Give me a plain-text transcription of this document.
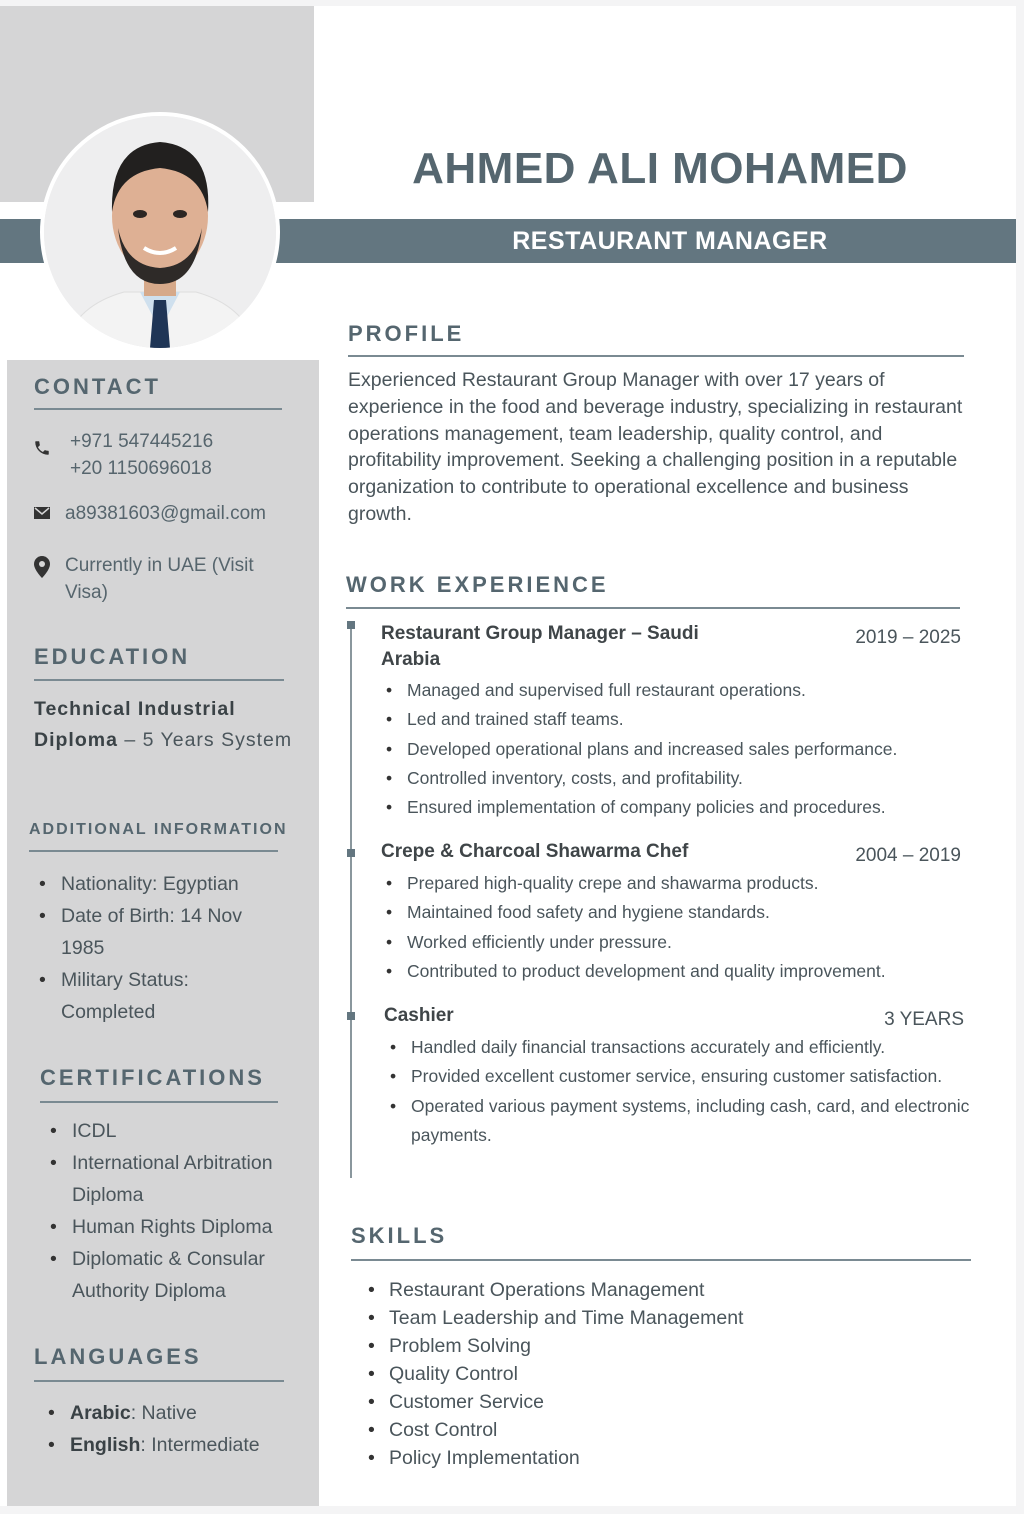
AHMED ALI MOHAMED
RESTAURANT MANAGER
CONTACT
+971 547445216
+20 1150696018
a89381603@gmail.com
Currently in UAE (Visit Visa)
EDUCATION
Technical Industrial Diploma – 5 Years System
ADDITIONAL INFORMATION
• Nationality: Egyptian
• Date of Birth: 14 Nov 1985
• Military Status: Completed
CERTIFICATIONS
• ICDL
• International Arbitration Diploma
• Human Rights Diploma
• Diplomatic & Consular Authority Diploma
LANGUAGES
• Arabic: Native
• English: Intermediate
PROFILE
Experienced Restaurant Group Manager with over 17 years of experience in the food and beverage industry, specializing in restaurant operations management, team leadership, quality control, and profitability improvement. Seeking a challenging position in a reputable organization to contribute to operational excellence and business growth.
WORK EXPERIENCE
Restaurant Group Manager – Saudi Arabia
2019 – 2025
• Managed and supervised full restaurant operations.
• Led and trained staff teams.
• Developed operational plans and increased sales performance.
• Controlled inventory, costs, and profitability.
• Ensured implementation of company policies and procedures.
Crepe & Charcoal Shawarma Chef	2004 – 2019
• Prepared high-quality crepe and shawarma products.
• Maintained food safety and hygiene standards.
• Worked efficiently under pressure.
• Contributed to product development and quality improvement.
Cashier	3 YEARS
• Handled daily financial transactions accurately and efficiently.
• Provided excellent customer service, ensuring customer satisfaction.
• Operated various payment systems, including cash, card, and electronic payments.
SKILLS
• Restaurant Operations Management
• Team Leadership and Time Management
• Problem Solving
• Quality Control
• Customer Service
• Cost Control
• Policy Implementation
